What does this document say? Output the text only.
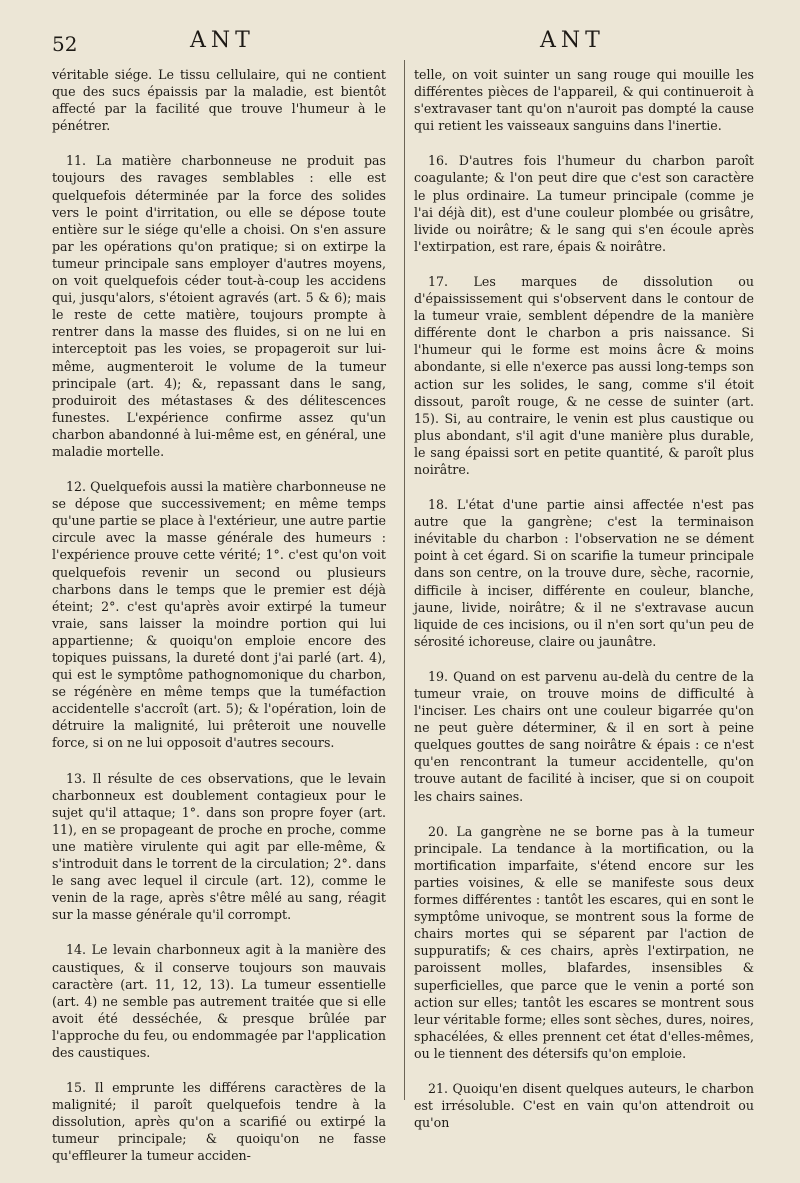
52	ANT	ANT

véritable siége. Le tissu cellulaire, qui ne contient que des sucs épaissis par la maladie, est bientôt affecté par la facilité que trouve l'humeur à le pénétrer.

11. La matière charbonneuse ne produit pas toujours des ravages semblables : elle est quelquefois déterminée par la force des solides vers le point d'irritation, ou elle se dépose toute entière sur le siége qu'elle a choisi. On s'en assure par les opérations qu'on pratique; si on extirpe la tumeur principale sans employer d'autres moyens, on voit quelquefois céder tout-à-coup les accidens qui, jusqu'alors, s'étoient agravés (art. 5 & 6); mais le reste de cette matière, toujours prompte à rentrer dans la masse des fluides, si on ne lui en interceptoit pas les voies, se propageroit sur lui-même, augmenteroit le volume de la tumeur principale (art. 4); &, repassant dans le sang, produiroit des métastases & des délitescences funestes. L'expérience confirme assez qu'un charbon abandonné à lui-même est, en général, une maladie mortelle.

12. Quelquefois aussi la matière charbonneuse ne se dépose que successivement; en même temps qu'une partie se place à l'extérieur, une autre partie circule avec la masse générale des humeurs : l'expérience prouve cette vérité; 1°. c'est qu'on voit quelquefois revenir un second ou plusieurs charbons dans le temps que le premier est déjà éteint; 2°. c'est qu'après avoir extirpé la tumeur vraie, sans laisser la moindre portion qui lui appartienne; & quoiqu'on emploie encore des topiques puissans, la dureté dont j'ai parlé (art. 4), qui est le symptôme pathognomonique du charbon, se régénère en même temps que la tuméfaction accidentelle s'accroît (art. 5); & l'opération, loin de détruire la malignité, lui prêteroit une nouvelle force, si on ne lui opposoit d'autres secours.

13. Il résulte de ces observations, que le levain charbonneux est doublement contagieux pour le sujet qu'il attaque; 1°. dans son propre foyer (art. 11), en se propageant de proche en proche, comme une matière virulente qui agit par elle-même, & s'introduit dans le torrent de la circulation; 2°. dans le sang avec lequel il circule (art. 12), comme le venin de la rage, après s'être mêlé au sang, réagit sur la masse générale qu'il corrompt.

14. Le levain charbonneux agit à la manière des caustiques, & il conserve toujours son mauvais caractère (art. 11, 12, 13). La tumeur essentielle (art. 4) ne semble pas autrement traitée que si elle avoit été desséchée, & presque brûlée par l'approche du feu, ou endommagée par l'application des caustiques.

15. Il emprunte les différens caractères de la malignité; il paroît quelquefois tendre à la dissolution, après qu'on a scarifié ou extirpé la tumeur principale; & quoiqu'on ne fasse qu'effleurer la tumeur acciden-

telle, on voit suinter un sang rouge qui mouille les différentes pièces de l'appareil, & qui continueroit à s'extravaser tant qu'on n'auroit pas dompté la cause qui retient les vaisseaux sanguins dans l'inertie.

16. D'autres fois l'humeur du charbon paroît coagulante; & l'on peut dire que c'est son caractère le plus ordinaire. La tumeur principale (comme je l'ai déjà dit), est d'une couleur plombée ou grisâtre, livide ou noirâtre; & le sang qui s'en écoule après l'extirpation, est rare, épais & noirâtre.

17. Les marques de dissolution ou d'épaississement qui s'observent dans le contour de la tumeur vraie, semblent dépendre de la manière différente dont le charbon a pris naissance. Si l'humeur qui le forme est moins âcre & moins abondante, si elle n'exerce pas aussi long-temps son action sur les solides, le sang, comme s'il étoit dissout, paroît rouge, & ne cesse de suinter (art. 15). Si, au contraire, le venin est plus caustique ou plus abondant, s'il agit d'une manière plus durable, le sang épaissi sort en petite quantité, & paroît plus noirâtre.

18. L'état d'une partie ainsi affectée n'est pas autre que la gangrène; c'est la terminaison inévitable du charbon : l'observation ne se dément point à cet égard. Si on scarifie la tumeur principale dans son centre, on la trouve dure, sèche, racornie, difficile à inciser, différente en couleur, blanche, jaune, livide, noirâtre; & il ne s'extravase aucun liquide de ces incisions, ou il n'en sort qu'un peu de sérosité ichoreuse, claire ou jaunâtre.

19. Quand on est parvenu au-delà du centre de la tumeur vraie, on trouve moins de difficulté à l'inciser. Les chairs ont une couleur bigarrée qu'on ne peut guère déterminer, & il en sort à peine quelques gouttes de sang noirâtre & épais : ce n'est qu'en rencontrant la tumeur accidentelle, qu'on trouve autant de facilité à inciser, que si on coupoit les chairs saines.

20. La gangrène ne se borne pas à la tumeur principale. La tendance à la mortification, ou la mortification imparfaite, s'étend encore sur les parties voisines, & elle se manifeste sous deux formes différentes : tantôt les escares, qui en sont le symptôme univoque, se montrent sous la forme de chairs mortes qui se séparent par l'action de suppuratifs; & ces chairs, après l'extirpation, ne paroissent molles, blafardes, insensibles & superficielles, que parce que le venin a porté son action sur elles; tantôt les escares se montrent sous leur véritable forme; elles sont sèches, dures, noires, sphacélées, & elles prennent cet état d'elles-mêmes, ou le tiennent des détersifs qu'on emploie.

21. Quoiqu'en disent quelques auteurs, le charbon est irrésoluble. C'est en vain qu'on attendroit ou qu'on
